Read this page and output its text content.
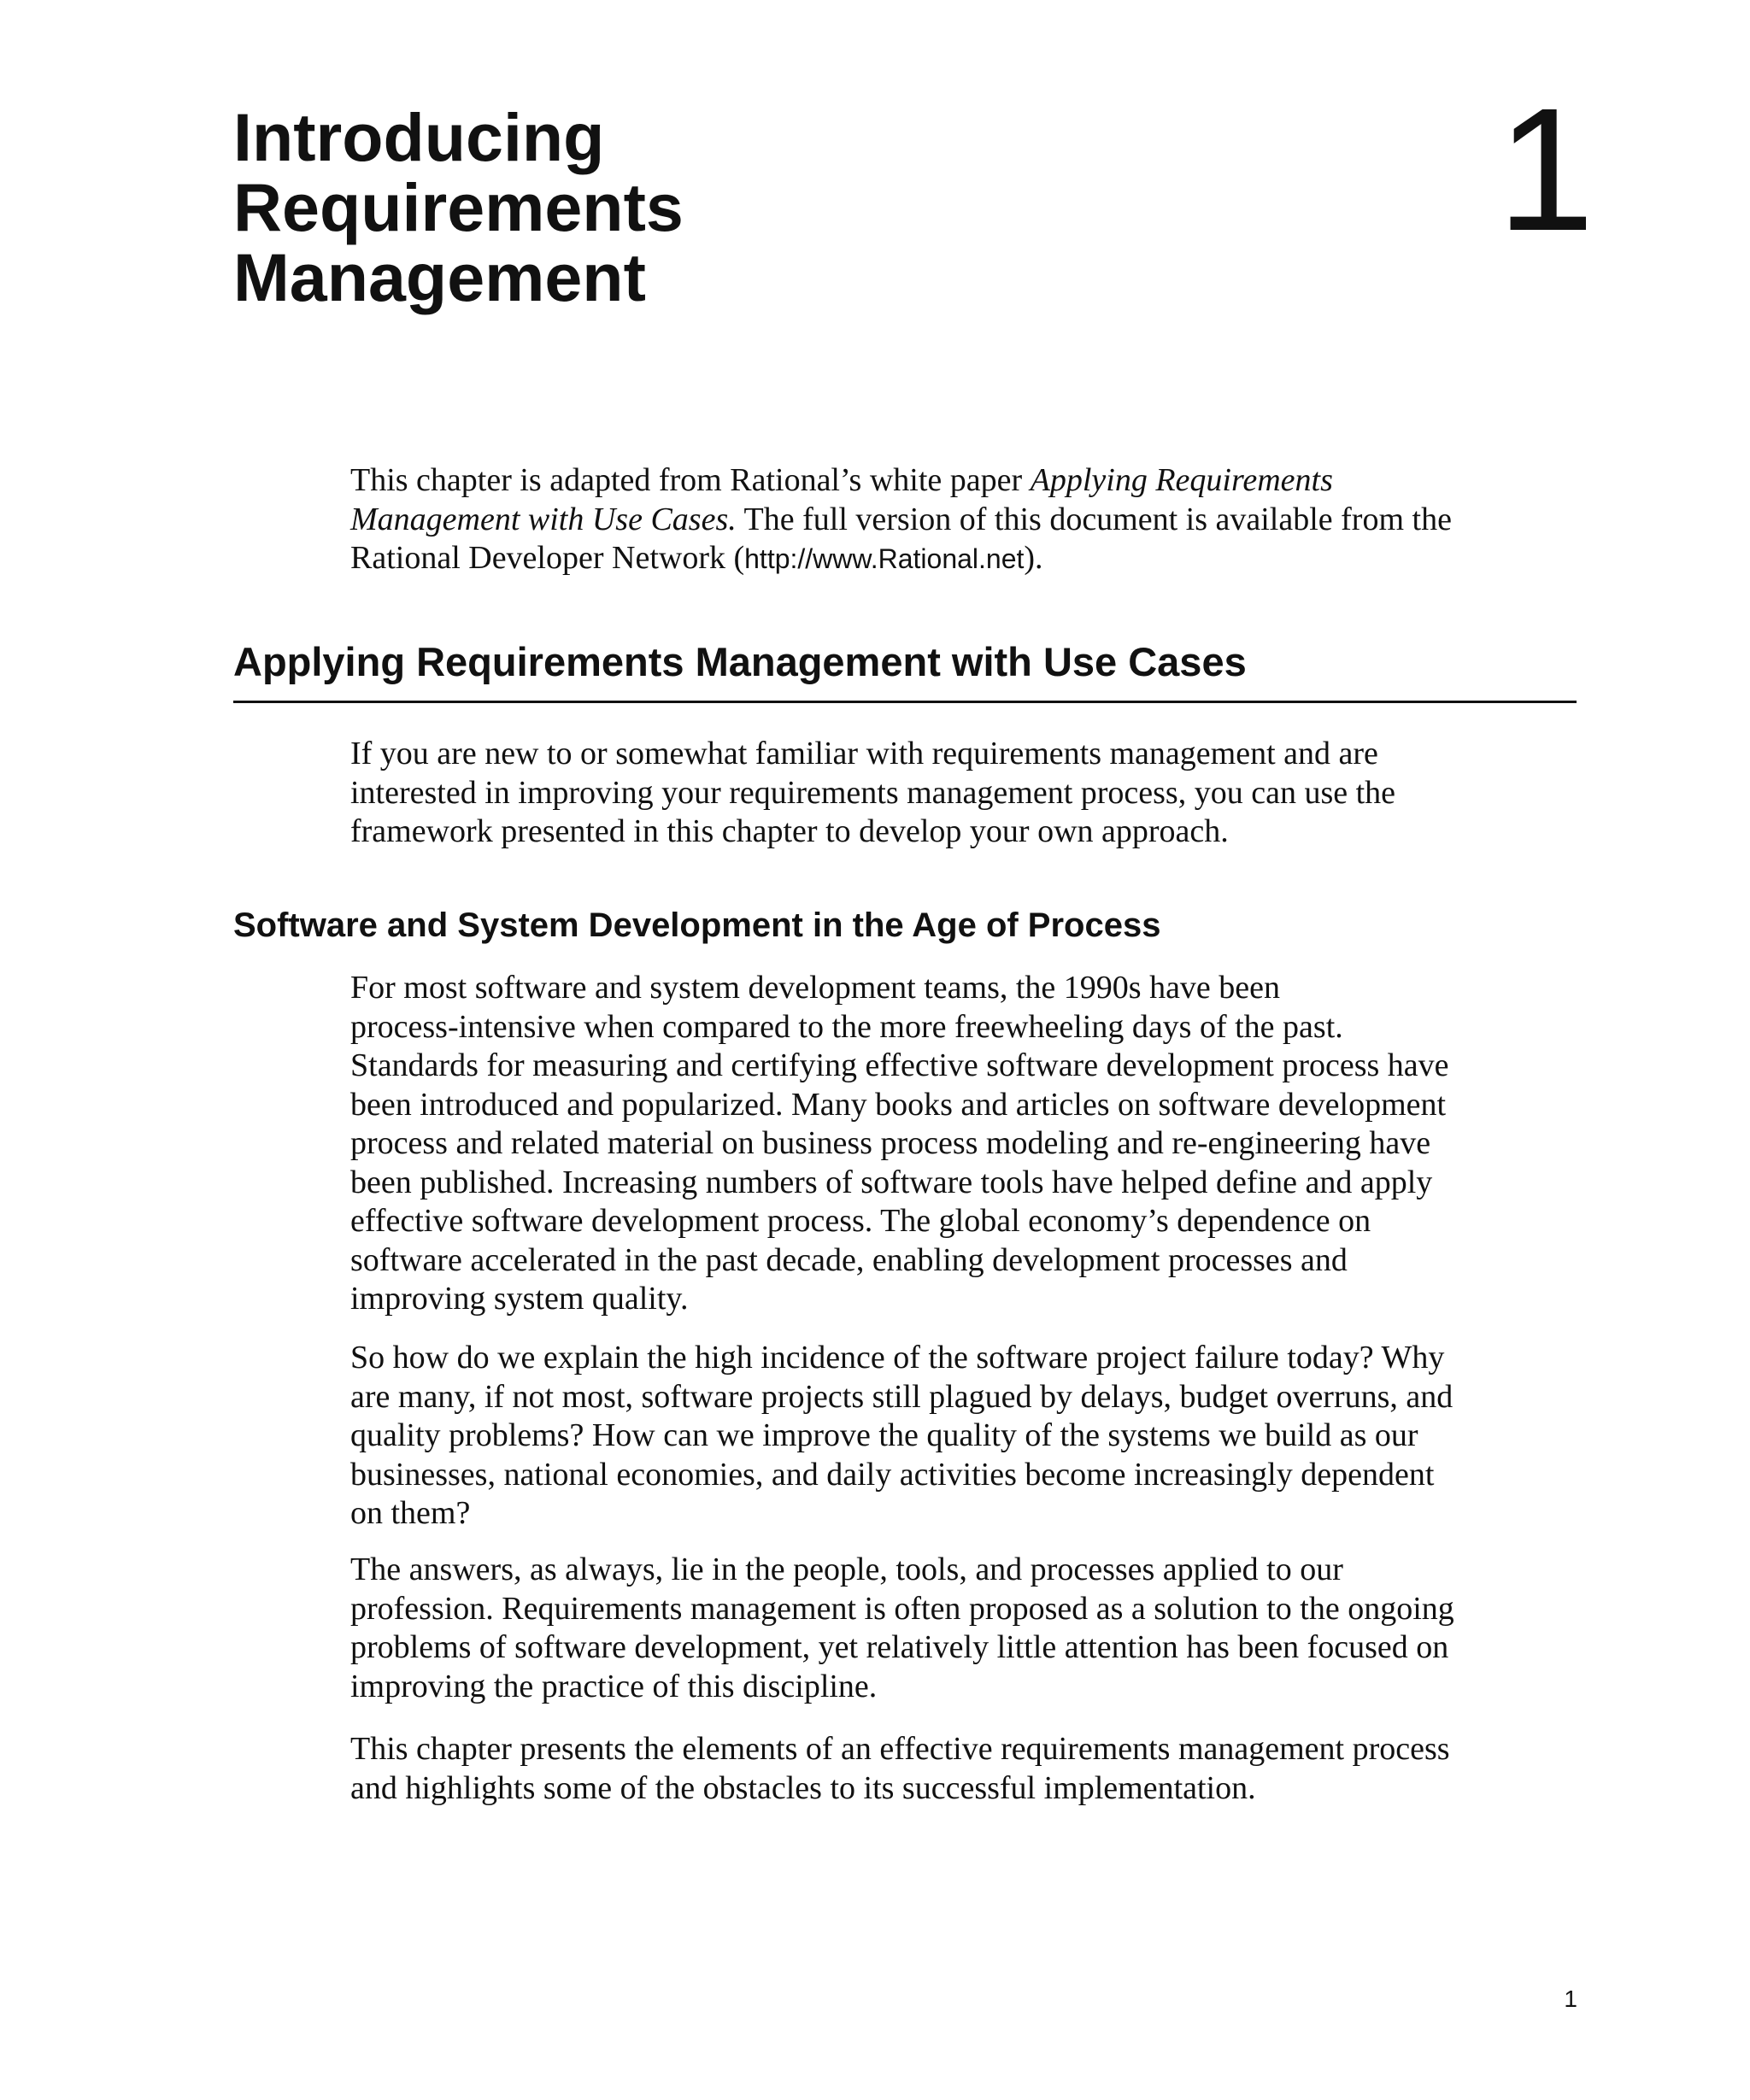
Introducing
Requirements
Management
1
This chapter is adapted from Rational’s white paper Applying Requirements
Management with Use Cases. The full version of this document is available from the
Rational Developer Network (http://www.Rational.net).
Applying Requirements Management with Use Cases
If you are new to or somewhat familiar with requirements management and are
interested in improving your requirements management process, you can use the
framework presented in this chapter to develop your own approach.
Software and System Development in the Age of Process
For most software and system development teams, the 1990s have been
process-intensive when compared to the more freewheeling days of the past.
Standards for measuring and certifying effective software development process have
been introduced and popularized. Many books and articles on software development
process and related material on business process modeling and re-engineering have
been published. Increasing numbers of software tools have helped define and apply
effective software development process. The global economy’s dependence on
software accelerated in the past decade, enabling development processes and
improving system quality.
So how do we explain the high incidence of the software project failure today? Why
are many, if not most, software projects still plagued by delays, budget overruns, and
quality problems? How can we improve the quality of the systems we build as our
businesses, national economies, and daily activities become increasingly dependent
on them?
The answers, as always, lie in the people, tools, and processes applied to our
profession. Requirements management is often proposed as a solution to the ongoing
problems of software development, yet relatively little attention has been focused on
improving the practice of this discipline.
This chapter presents the elements of an effective requirements management process
and highlights some of the obstacles to its successful implementation.
1
